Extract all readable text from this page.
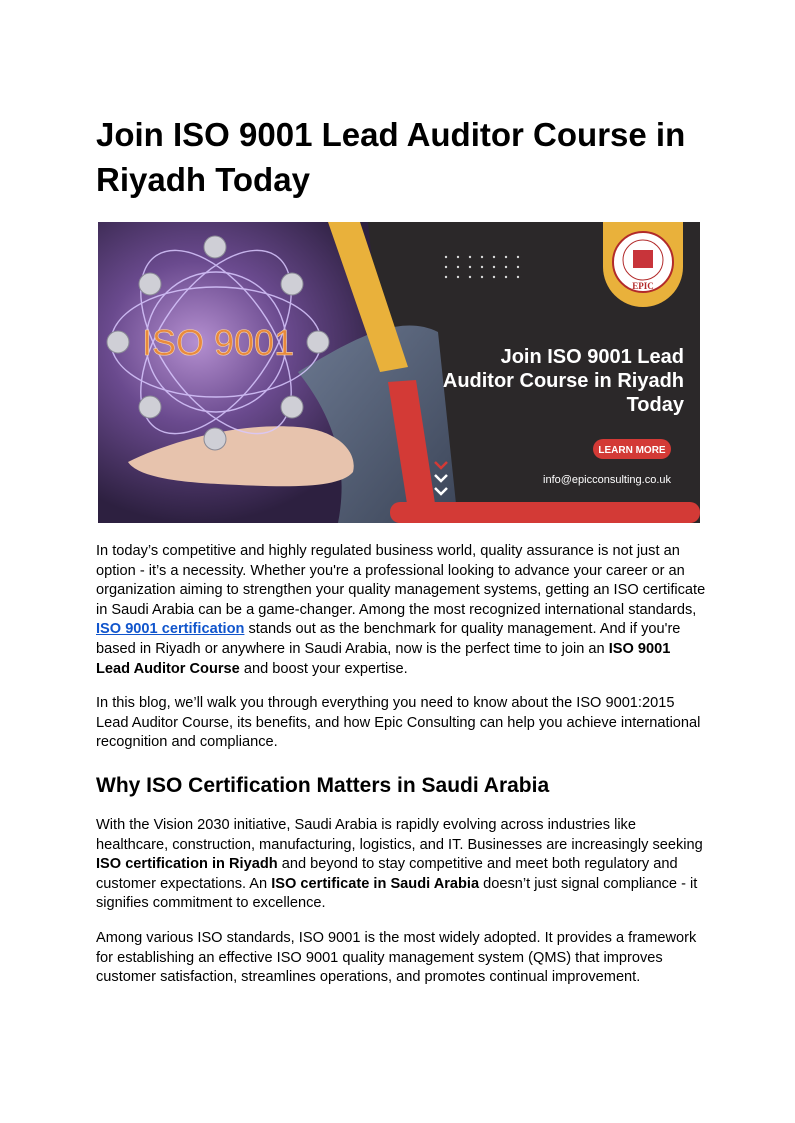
Join ISO 9001 Lead Auditor Course in Riyadh Today
ISO 9001
EPIC
Join ISO 9001 Lead
Auditor Course in Riyadh
Today
LEARN MORE
info@epicconsulting.co.uk

In today’s competitive and highly regulated business world, quality assurance is not just an option - it’s a necessity. Whether you're a professional looking to advance your career or an organization aiming to strengthen your quality management systems, getting an ISO certificate in Saudi Arabia can be a game-changer. Among the most recognized international standards, ISO 9001 certification stands out as the benchmark for quality management. And if you're based in Riyadh or anywhere in Saudi Arabia, now is the perfect time to join an ISO 9001 Lead Auditor Course and boost your expertise.

In this blog, we’ll walk you through everything you need to know about the ISO 9001:2015 Lead Auditor Course, its benefits, and how Epic Consulting can help you achieve international recognition and compliance.

Why ISO Certification Matters in Saudi Arabia

With the Vision 2030 initiative, Saudi Arabia is rapidly evolving across industries like healthcare, construction, manufacturing, logistics, and IT. Businesses are increasingly seeking ISO certification in Riyadh and beyond to stay competitive and meet both regulatory and customer expectations. An ISO certificate in Saudi Arabia doesn’t just signal compliance - it signifies commitment to excellence.

Among various ISO standards, ISO 9001 is the most widely adopted. It provides a framework for establishing an effective ISO 9001 quality management system (QMS) that improves customer satisfaction, streamlines operations, and promotes continual improvement.
